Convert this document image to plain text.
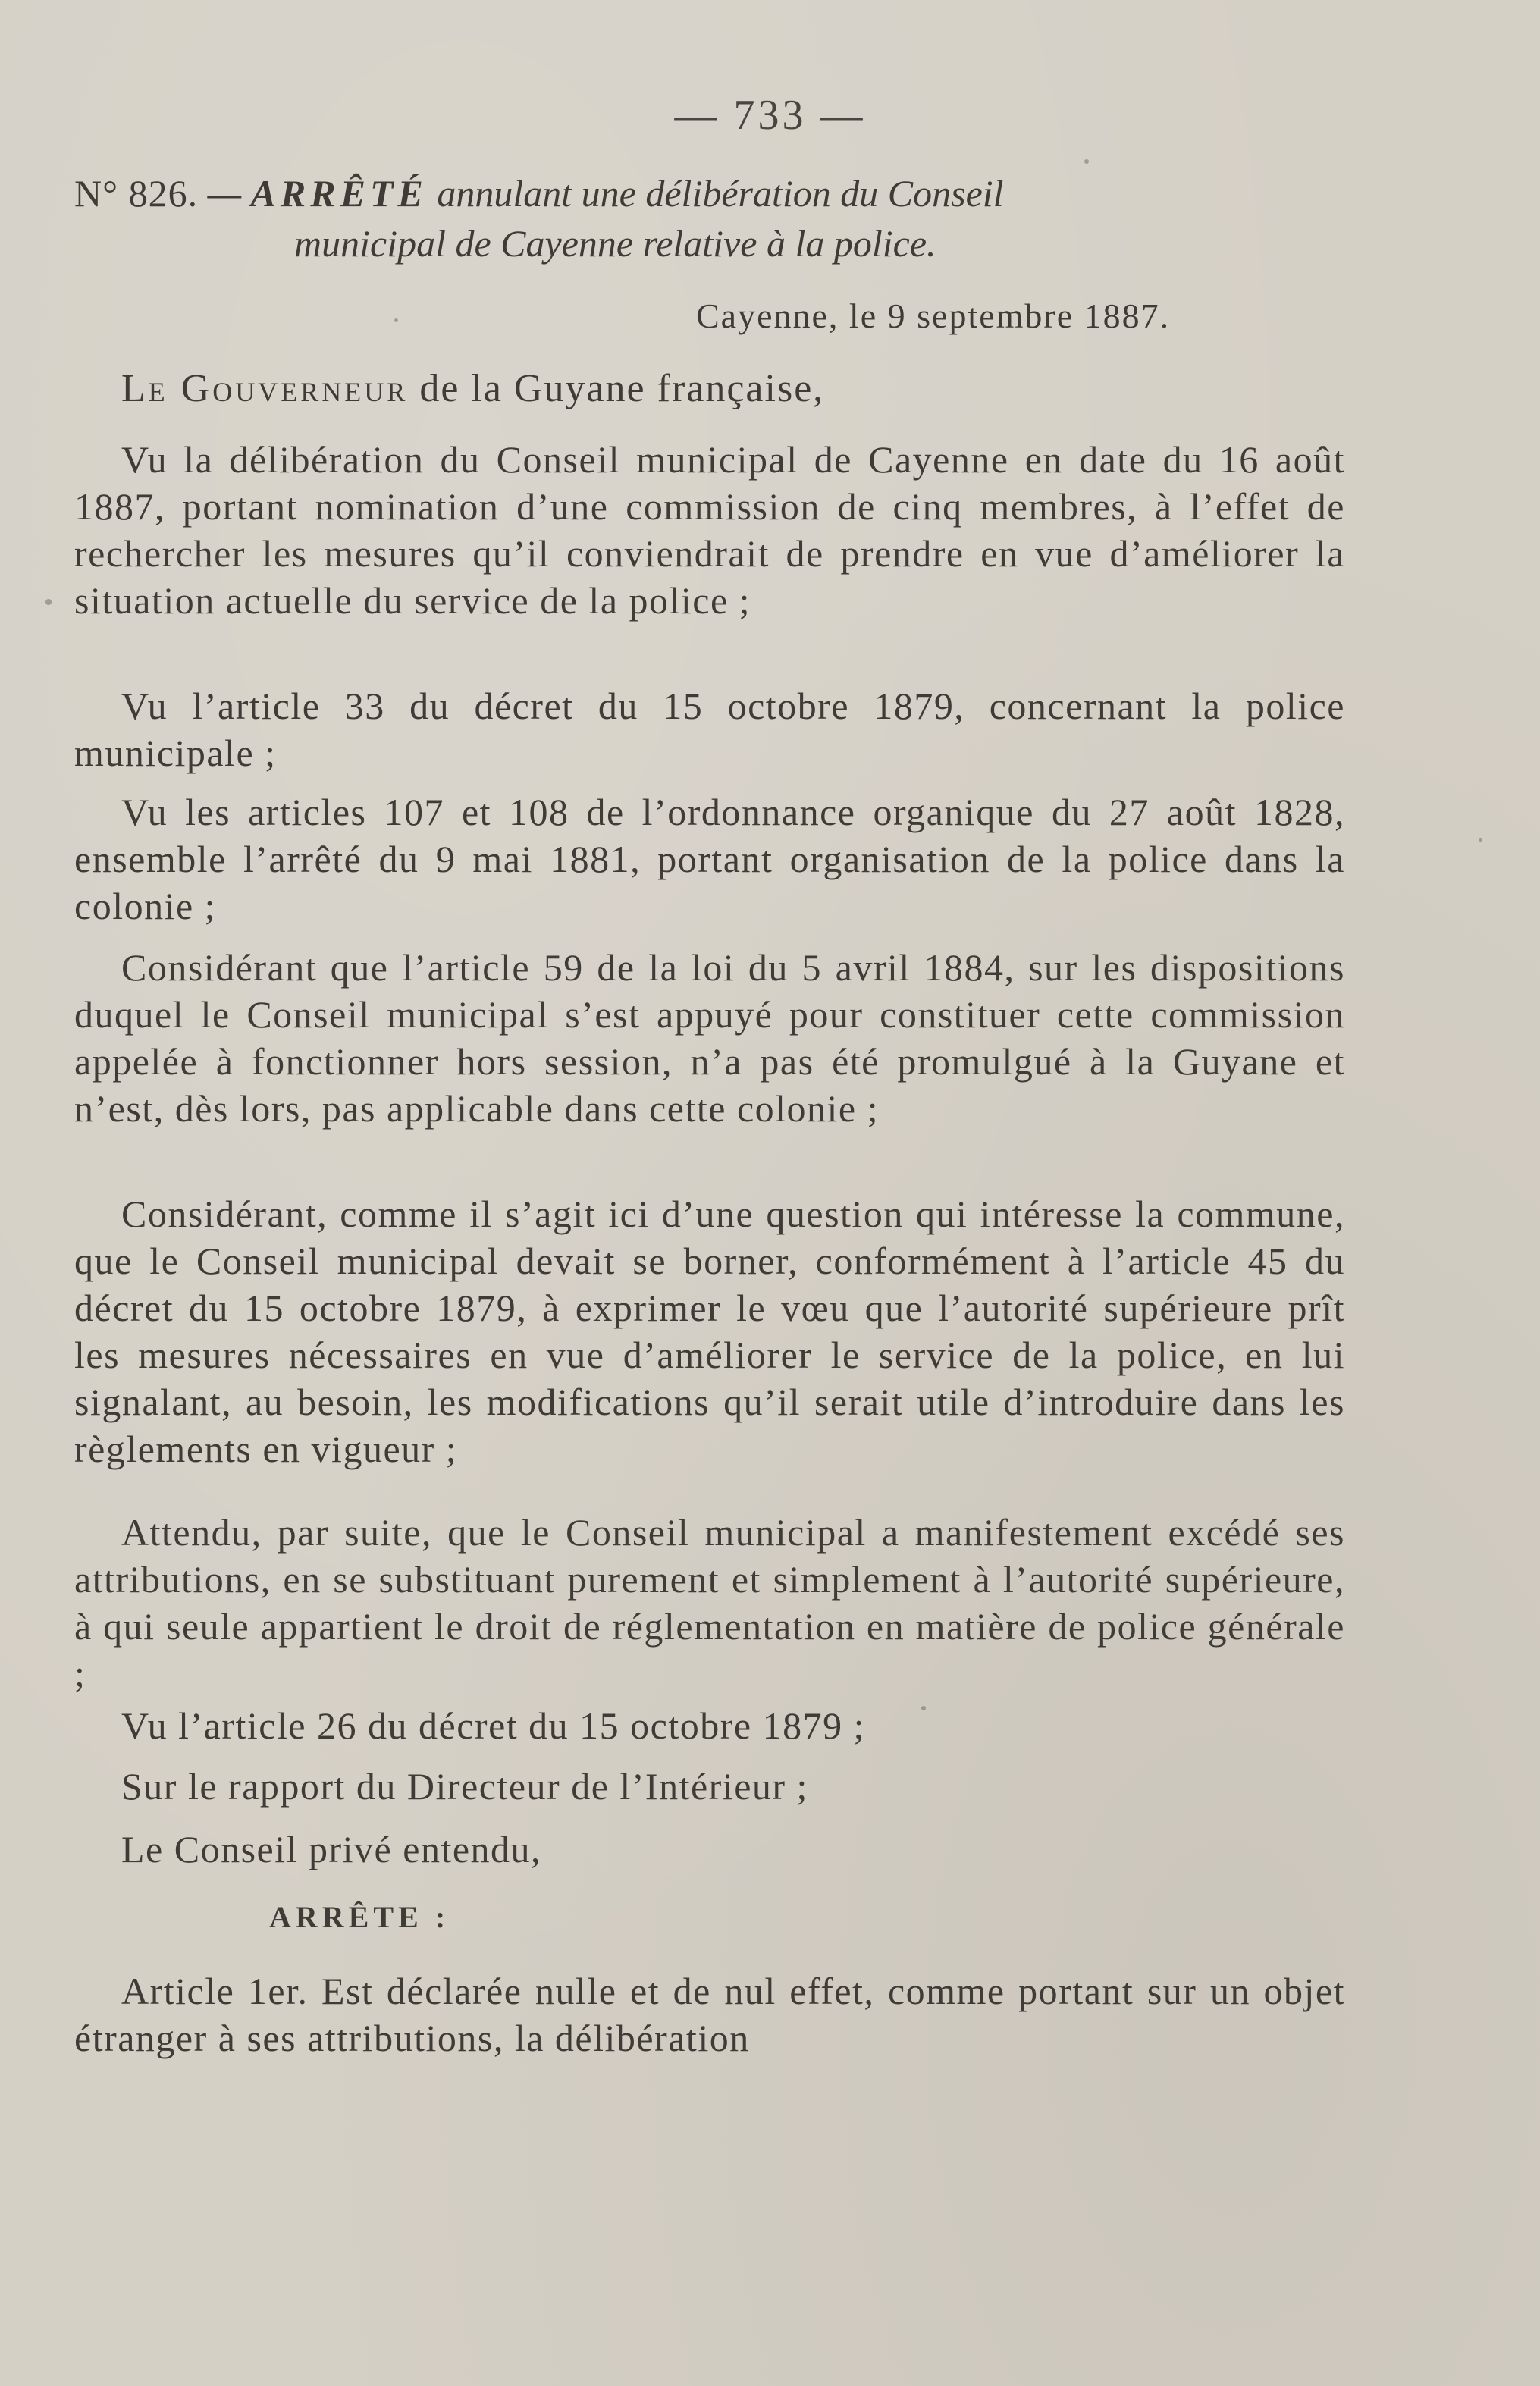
— 733 —
N° 826. — ARRÊTÉ annulant une délibération du Conseil
municipal de Cayenne relative à la police.
Cayenne, le 9 septembre 1887.
Le Gouverneur de la Guyane française,

Vu la délibération du Conseil municipal de Cayenne en date du 16 août 1887, portant nomination d’une commission de cinq membres, à l’effet de rechercher les mesures qu’il conviendrait de prendre en vue d’améliorer la situation actuelle du service de la police ;

Vu l’article 33 du décret du 15 octobre 1879, concernant la police municipale ;

Vu les articles 107 et 108 de l’ordonnance organique du 27 août 1828, ensemble l’arrêté du 9 mai 1881, portant organisation de la police dans la colonie ;

Considérant que l’article 59 de la loi du 5 avril 1884, sur les dispositions duquel le Conseil municipal s’est appuyé pour constituer cette commission appelée à fonctionner hors session, n’a pas été promulgué à la Guyane et n’est, dès lors, pas applicable dans cette colonie ;

Considérant, comme il s’agit ici d’une question qui intéresse la commune, que le Conseil municipal devait se borner, conformément à l’article 45 du décret du 15 octobre 1879, à exprimer le vœu que l’autorité supérieure prît les mesures nécessaires en vue d’améliorer le service de la police, en lui signalant, au besoin, les modifications qu’il serait utile d’introduire dans les règlements en vigueur ;

Attendu, par suite, que le Conseil municipal a manifestement excédé ses attributions, en se substituant purement et simplement à l’autorité supérieure, à qui seule appartient le droit de réglementation en matière de police générale ;

Vu l’article 26 du décret du 15 octobre 1879 ;

Sur le rapport du Directeur de l’Intérieur ;

Le Conseil privé entendu,

ARRÊTE :

Article 1er. Est déclarée nulle et de nul effet, comme portant sur un objet étranger à ses attributions, la délibération
